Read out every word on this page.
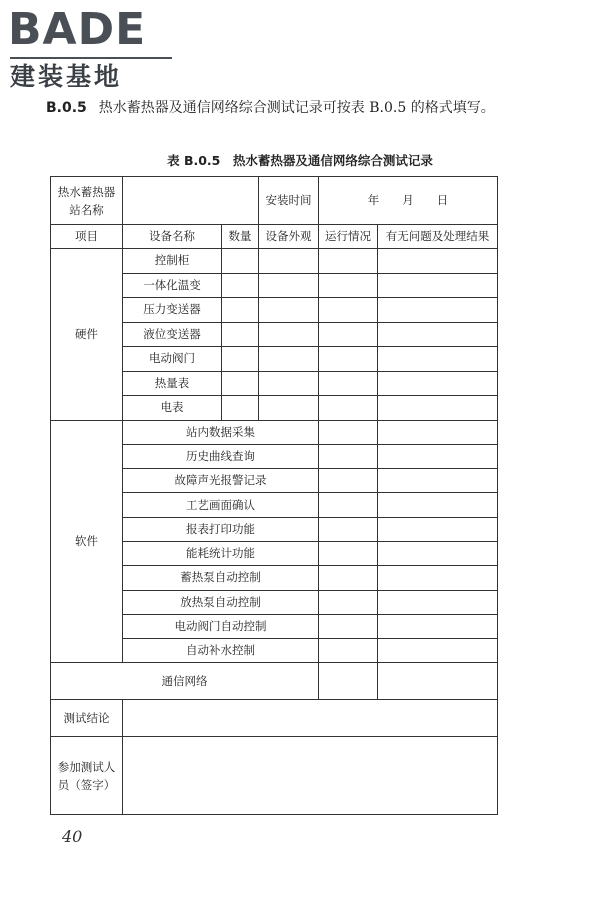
BADE
建装基地
B.0.5 热水蓄热器及通信网络综合测试记录可按表 B.0.5 的格式填写。
表 B.0.5　热水蓄热器及通信网络综合测试记录
热水蓄热器站名称			安装时间	年　　月　　日	
项目	设备名称	数量	设备外观	运行情况	有无问题及处理结果
硬件	控制柜				
	一体化温变				
	压力变送器				
	液位变送器				
	电动阀门				
	热量表				
	电表				
软件	站内数据采集				
	历史曲线查询				
	故障声光报警记录				
	工艺画面确认				
	报表打印功能				
	能耗统计功能				
	蓄热泵自动控制				
	放热泵自动控制				
	电动阀门自动控制				
	自动补水控制				
通信网络					
测试结论					
参加测试人员（签字）					
40
